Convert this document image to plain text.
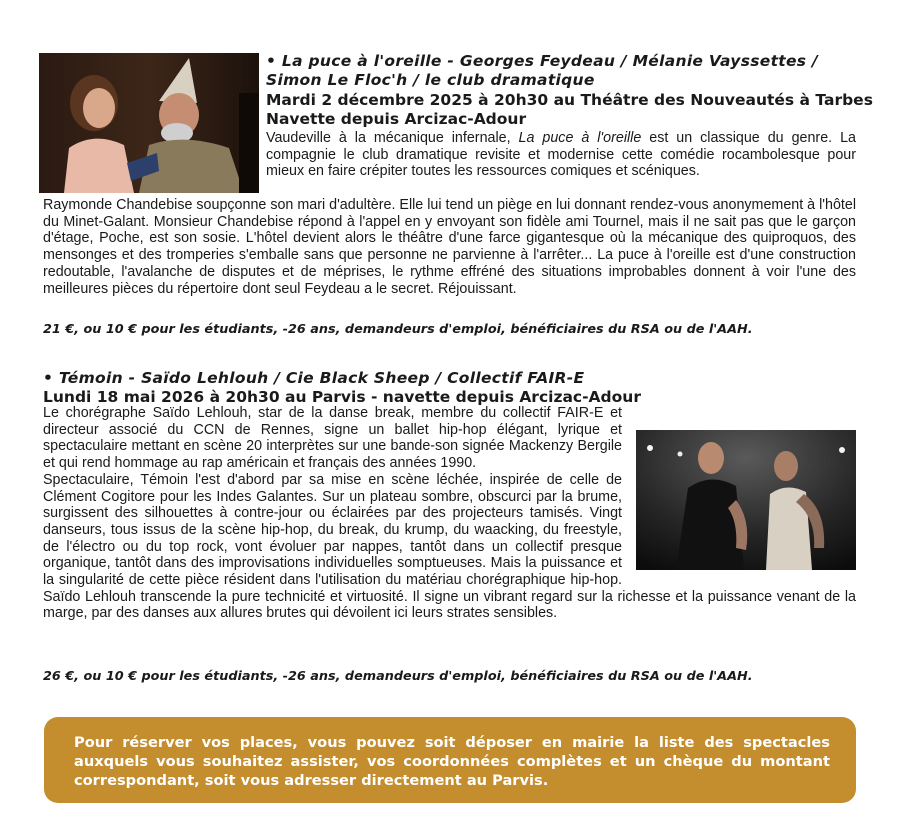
• La puce à l'oreille - Georges Feydeau / Mélanie Vayssettes /
Simon Le Floc'h / le club dramatique
Mardi 2 décembre 2025 à 20h30 au Théâtre des Nouveautés à Tarbes
Navette depuis Arcizac-Adour
Vaudeville à la mécanique infernale, La puce à l'oreille est un classique du genre. La compagnie le club dramatique revisite et modernise cette comédie rocambolesque pour mieux en faire crépiter toutes les ressources comiques et scéniques.
Raymonde Chandebise soupçonne son mari d'adultère. Elle lui tend un piège en lui donnant rendez-vous anonymement à l'hôtel du Minet-Galant. Monsieur Chandebise répond à l'appel en y envoyant son fidèle ami Tournel, mais il ne sait pas que le garçon d'étage, Poche, est son sosie. L'hôtel devient alors le théâtre d'une farce gigantesque où la mécanique des quiproquos, des mensonges et des tromperies s'emballe sans que personne ne parvienne à l'arrêter... La puce à l'oreille est d'une construction redoutable, l'avalanche de disputes et de méprises, le rythme effréné des situations improbables donnent à voir l'une des meilleures pièces du répertoire dont seul Feydeau a le secret. Réjouissant.
21 €, ou 10 € pour les étudiants, -26 ans, demandeurs d'emploi, bénéficiaires du RSA ou de l'AAH.
• Témoin - Saïdo Lehlouh / Cie Black Sheep / Collectif FAIR-E
Lundi 18 mai 2026 à 20h30 au Parvis - navette depuis Arcizac-Adour
Le chorégraphe Saïdo Lehlouh, star de la danse break, membre du collectif FAIR-E et directeur associé du CCN de Rennes, signe un ballet hip-hop élégant, lyrique et spectaculaire mettant en scène 20 interprètes sur une bande-son signée Mackenzy Bergile et qui rend hommage au rap américain et français des années 1990.
Spectaculaire, Témoin l'est d'abord par sa mise en scène léchée, inspirée de celle de Clément Cogitore pour les Indes Galantes. Sur un plateau sombre, obscurci par la brume, surgissent des silhouettes à contre-jour ou éclairées par des projecteurs tamisés. Vingt danseurs, tous issus de la scène hip-hop, du break, du krump, du waacking, du freestyle, de l'électro ou du top rock, vont évoluer par nappes, tantôt dans un collectif presque organique, tantôt dans des improvisations individuelles somptueuses. Mais la puissance et la singularité de cette pièce résident dans l'utilisation du matériau chorégraphique hip-hop. Saïdo Lehlouh transcende la pure technicité et virtuosité. Il signe un vibrant regard sur la richesse et la puissance venant de la marge, par des danses aux allures brutes qui dévoilent ici leurs strates sensibles.
26 €, ou 10 € pour les étudiants, -26 ans, demandeurs d'emploi, bénéficiaires du RSA ou de l'AAH.
Pour réserver vos places, vous pouvez soit déposer en mairie la liste des spectacles auxquels vous souhaitez assister, vos coordonnées complètes et un chèque du montant correspondant, soit vous adresser directement au Parvis.
